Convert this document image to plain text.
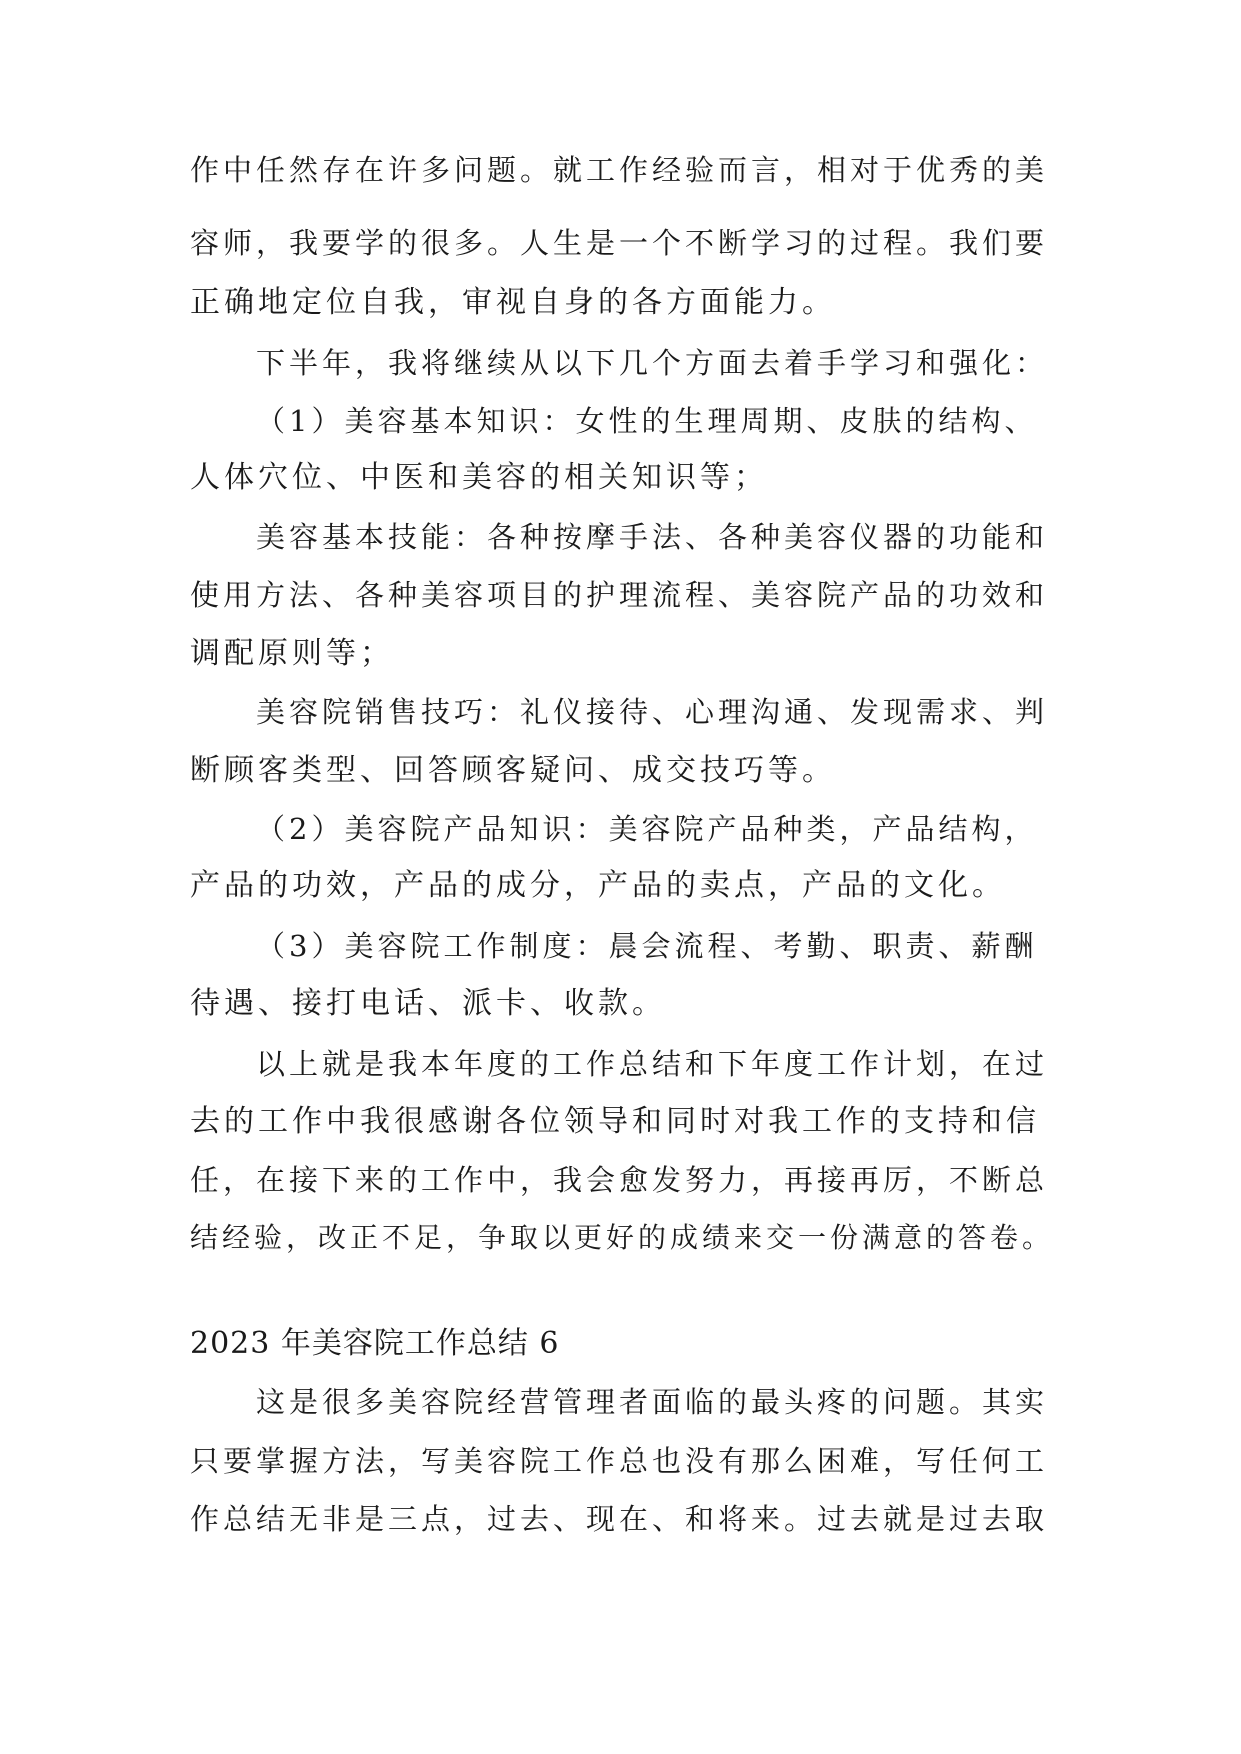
作中任然存在许多问题。就工作经验而言，相对于优秀的美
容师，我要学的很多。人生是一个不断学习的过程。我们要
正确地定位自我，审视自身的各方面能力。
下半年，我将继续从以下几个方面去着手学习和强化：
（1）美容基本知识：女性的生理周期、皮肤的结构、
人体穴位、中医和美容的相关知识等；
美容基本技能：各种按摩手法、各种美容仪器的功能和
使用方法、各种美容项目的护理流程、美容院产品的功效和
调配原则等；
美容院销售技巧：礼仪接待、心理沟通、发现需求、判
断顾客类型、回答顾客疑问、成交技巧等。
（2）美容院产品知识：美容院产品种类，产品结构，
产品的功效，产品的成分，产品的卖点，产品的文化。
（3）美容院工作制度：晨会流程、考勤、职责、薪酬
待遇、接打电话、派卡、收款。
以上就是我本年度的工作总结和下年度工作计划，在过
去的工作中我很感谢各位领导和同时对我工作的支持和信
任，在接下来的工作中，我会愈发努力，再接再厉，不断总
结经验，改正不足，争取以更好的成绩来交一份满意的答卷。
2023 年美容院工作总结 6
这是很多美容院经营管理者面临的最头疼的问题。其实
只要掌握方法，写美容院工作总也没有那么困难，写任何工
作总结无非是三点，过去、现在、和将来。过去就是过去取
